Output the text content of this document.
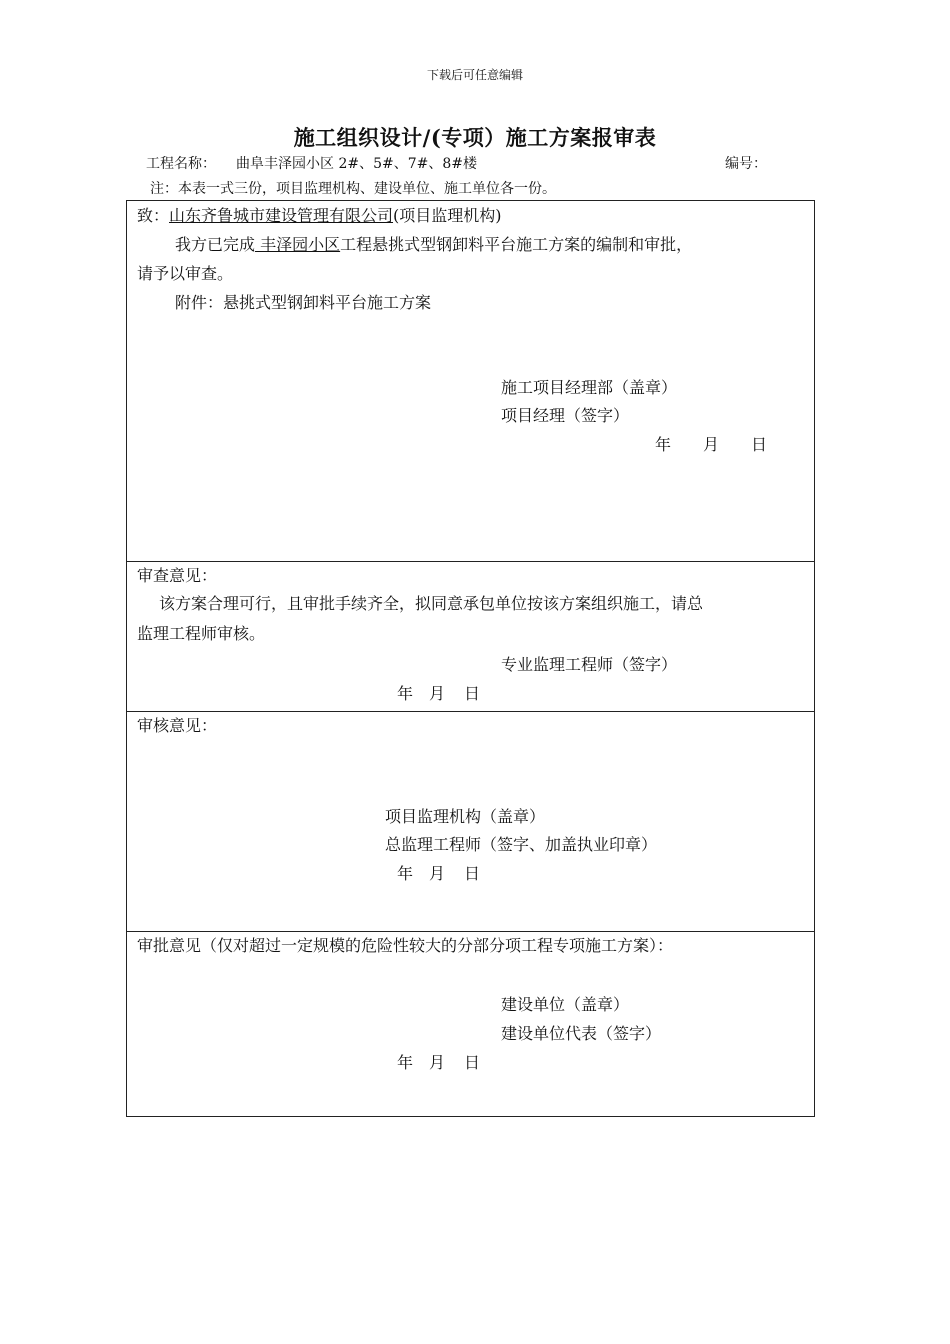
下载后可任意编辑
施工组织设计/(专项）施工方案报审表
工程名称： 曲阜丰泽园小区 2#、5#、7#、8#楼	编号：
注：本表一式三份，项目监理机构、建设单位、施工单位各一份。
致：山东齐鲁城市建设管理有限公司(项目监理机构)
我方已完成 丰泽园小区工程悬挑式型钢卸料平台施工方案的编制和审批，
请予以审查。
附件：悬挑式型钢卸料平台施工方案
施工项目经理部（盖章）
项目经理（签字）
年 月 日
审查意见：
该方案合理可行，且审批手续齐全，拟同意承包单位按该方案组织施工，请总
监理工程师审核。
专业监理工程师（签字）
年 月 日
审核意见：
项目监理机构（盖章）
总监理工程师（签字、加盖执业印章）
年 月 日
审批意见（仅对超过一定规模的危险性较大的分部分项工程专项施工方案）：
建设单位（盖章）
建设单位代表（签字）
年 月 日
